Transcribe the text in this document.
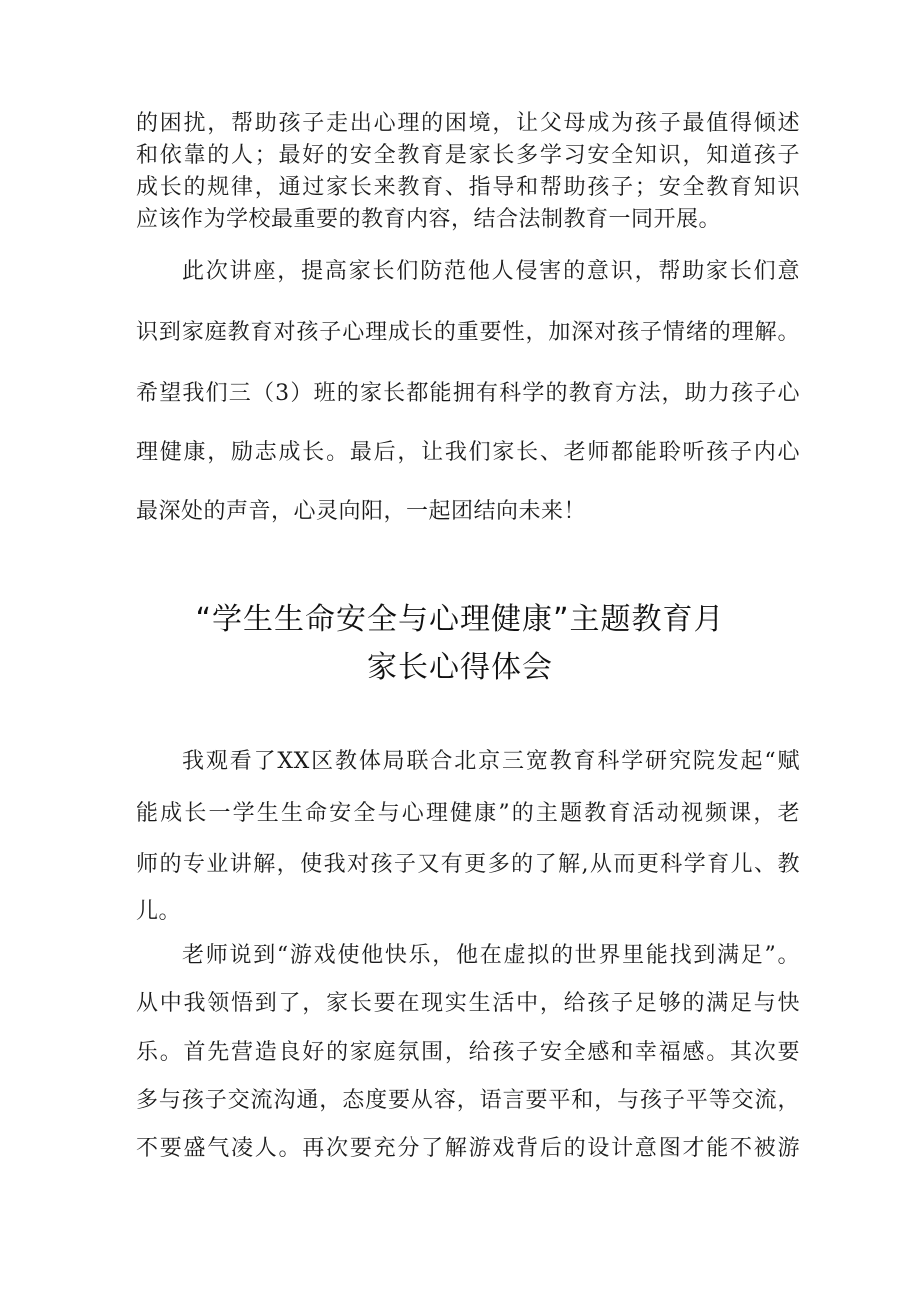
的困扰，帮助孩子走出心理的困境，让父母成为孩子最值得倾述
和依靠的人；最好的安全教育是家长多学习安全知识，知道孩子
成长的规律，通过家长来教育、指导和帮助孩子；安全教育知识
应该作为学校最重要的教育内容，结合法制教育一同开展。
此次讲座，提高家长们防范他人侵害的意识，帮助家长们意
识到家庭教育对孩子心理成长的重要性，加深对孩子情绪的理解。
希望我们三（3）班的家长都能拥有科学的教育方法，助力孩子心
理健康，励志成长。最后，让我们家长、老师都能聆听孩子内心
最深处的声音，心灵向阳，一起团结向未来！
“学生生命安全与心理健康”主题教育月
家长心得体会
我观看了XX区教体局联合北京三宽教育科学研究院发起“赋
能成长一学生生命安全与心理健康”的主题教育活动视频课，老
师的专业讲解，使我对孩子又有更多的了解,从而更科学育儿、教
儿。
老师说到“游戏使他快乐，他在虚拟的世界里能找到满足”。
从中我领悟到了，家长要在现实生活中，给孩子足够的满足与快
乐。首先营造良好的家庭氛围，给孩子安全感和幸福感。其次要
多与孩子交流沟通，态度要从容，语言要平和，与孩子平等交流，
不要盛气凌人。再次要充分了解游戏背后的设计意图才能不被游
